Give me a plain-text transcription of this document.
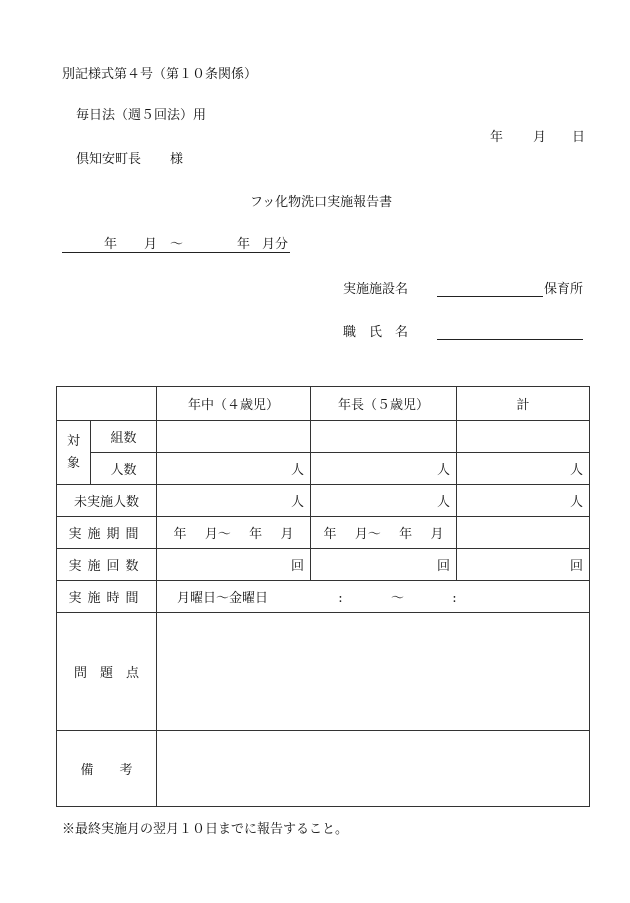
別記様式第４号（第１０条関係）
毎日法（週５回法）用
年 月 日
倶知安町長 様
フッ化物洗口実施報告書
年 月 ～	年 月分
実施施設名	保育所
職　氏　名
		年中（４歳児）	年長（５歳児）	計
対象	組数			
	人数	人	人	人
未実施人数		人	人	人
実施期間		年 月～ 年 月	年 月～ 年 月	
実施回数		回	回	回
実施時間		月曜日～金曜日 : ～ :		
問　題　点				
備　　考				
※最終実施月の翌月１０日までに報告すること。
